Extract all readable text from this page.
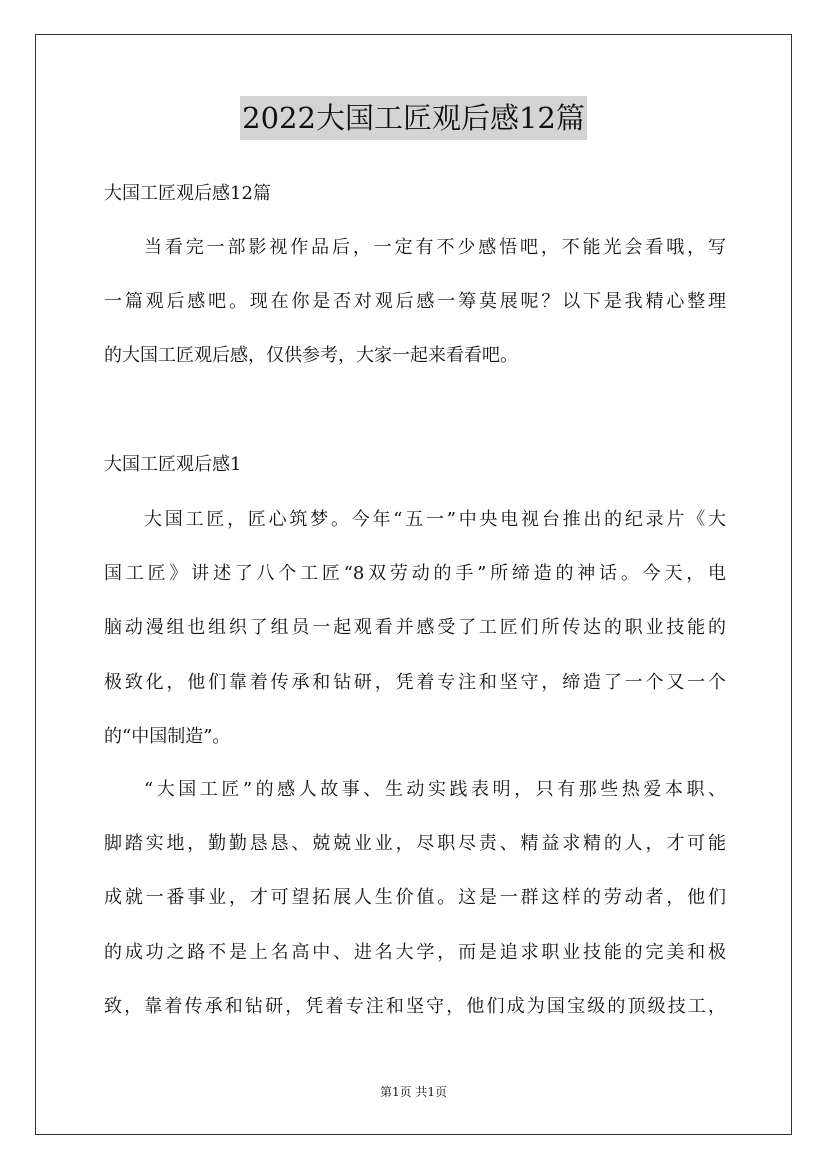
2022大国工匠观后感12篇
大国工匠观后感12篇
当看完一部影视作品后，一定有不少感悟吧，不能光会看哦，写
一篇观后感吧。现在你是否对观后感一筹莫展呢？以下是我精心整理
的大国工匠观后感，仅供参考，大家一起来看看吧。
大国工匠观后感1
大国工匠，匠心筑梦。今年“五一”中央电视台推出的纪录片《大
国工匠》讲述了八个工匠“8双劳动的手”所缔造的神话。今天，电
脑动漫组也组织了组员一起观看并感受了工匠们所传达的职业技能的
极致化，他们靠着传承和钻研，凭着专注和坚守，缔造了一个又一个
的“中国制造”。
“大国工匠”的感人故事、生动实践表明，只有那些热爱本职、
脚踏实地，勤勤恳恳、兢兢业业，尽职尽责、精益求精的人，才可能
成就一番事业，才可望拓展人生价值。这是一群这样的劳动者，他们
的成功之路不是上名高中、进名大学，而是追求职业技能的完美和极
致，靠着传承和钻研，凭着专注和坚守，他们成为国宝级的顶级技工，
第1页 共1页
